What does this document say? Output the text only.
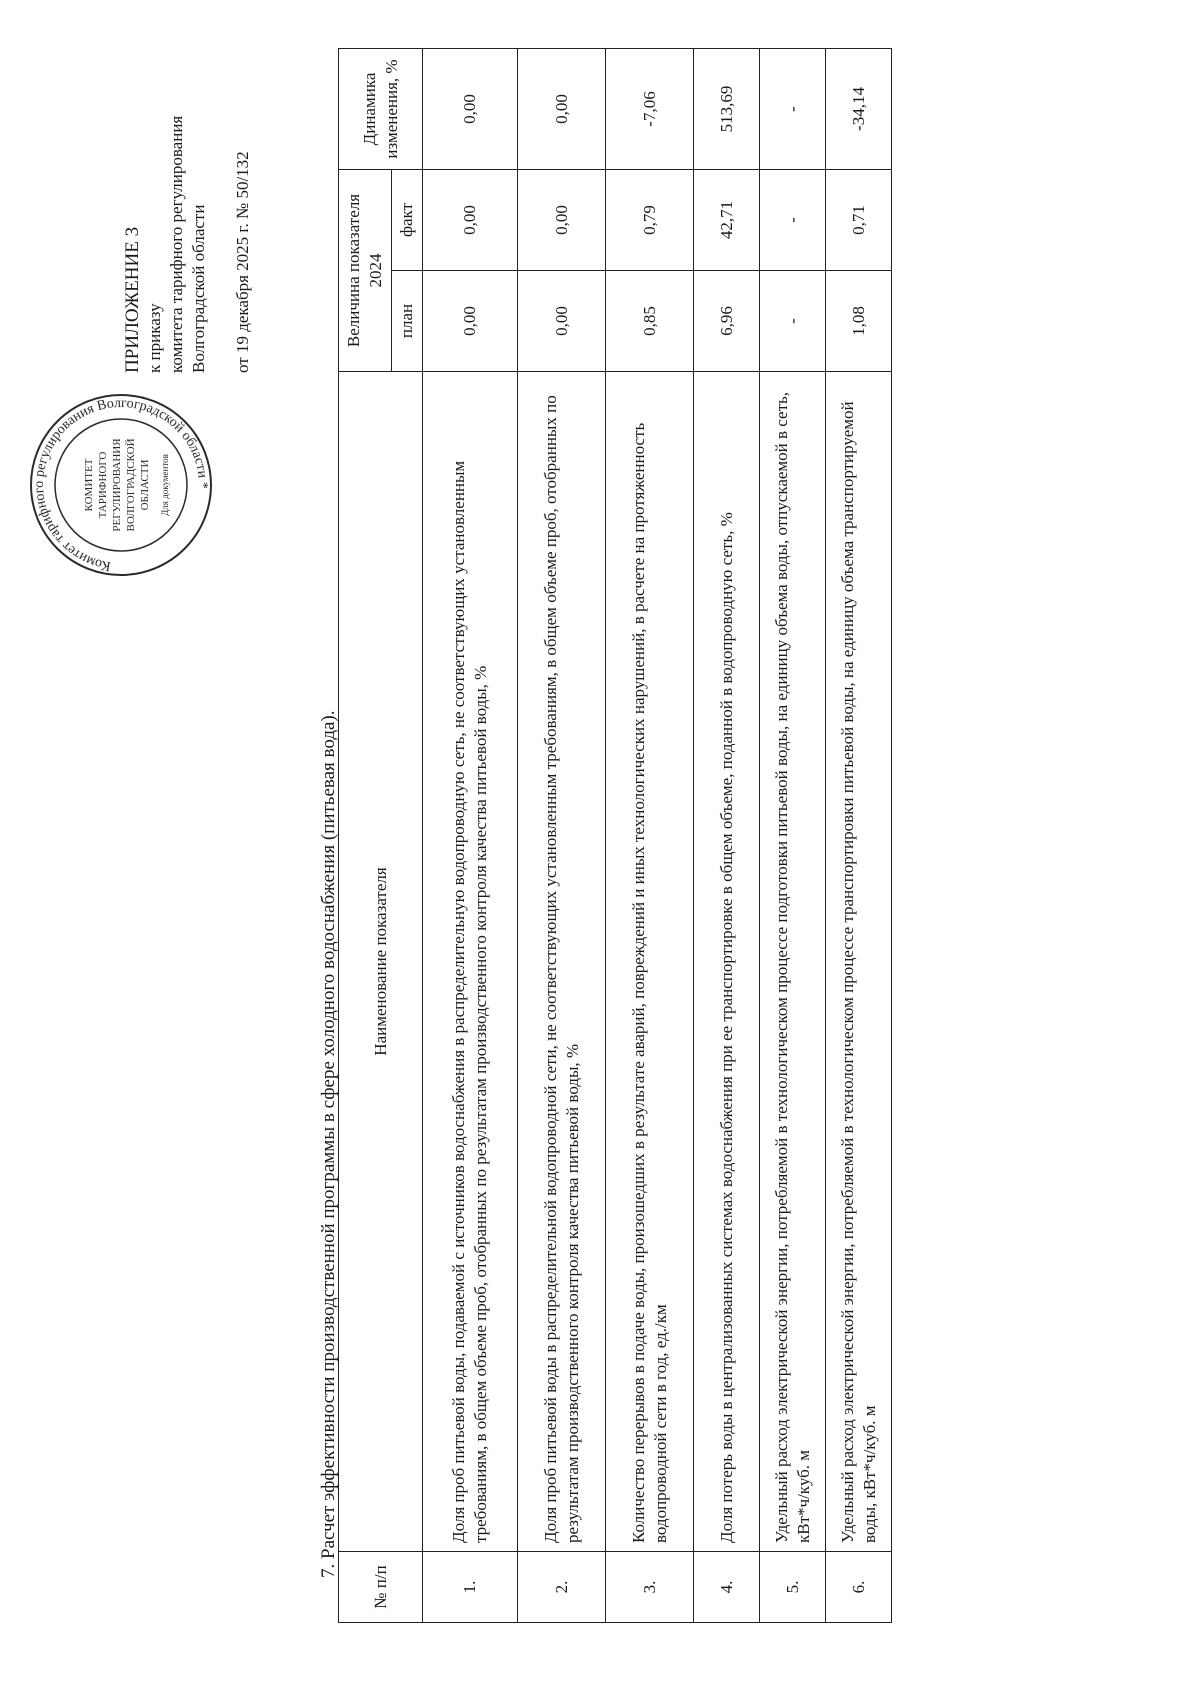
Комитет тарифного регулирования Волгоградской области *
КОМИТЕТ ТАРИФНОГО РЕГУЛИРОВАНИЯ ВОЛГОГРАДСКОЙ ОБЛАСТИ Для документов
ПРИЛОЖЕНИЕ 3 к приказу комитета тарифного регулирования Волгоградской области от 19 декабря 2025 г. № 50/132
7. Расчет эффективности производственной программы в сфере холодного водоснабжения (питьевая вода).
№ п/п	Наименование показателя	Величина показателя 2024		Динамика изменения, %
		план	факт	
1.	Доля проб питьевой воды, подаваемой с источников водоснабжения в распределительную водопроводную сеть, не соответствующих установленным требованиям, в общем объеме проб, отобранных по результатам производственного контроля качества питьевой воды, %	0,00	0,00	0,00
2.	Доля проб питьевой воды в распределительной водопроводной сети, не соответствующих установленным требованиям, в общем объеме проб, отобранных по результатам производственного контроля качества питьевой воды, %	0,00	0,00	0,00
3.	Количество перерывов в подаче воды, произошедших в результате аварий, повреждений и иных технологических нарушений, в расчете на протяженность водопроводной сети в год, ед./км	0,85	0,79	-7,06
4.	Доля потерь воды в централизованных системах водоснабжения при ее транспортировке в общем объеме, поданной в водопроводную сеть, %	6,96	42,71	513,69
5.	Удельный расход электрической энергии, потребляемой в технологическом процессе подготовки питьевой воды, на единицу объема воды, отпускаемой в сеть, кВт*ч/куб. м	-	-	-
6.	Удельный расход электрической энергии, потребляемой в технологическом процессе транспортировки питьевой воды, на единицу объема транспортируемой воды, кВт*ч/куб. м	1,08	0,71	-34,14
